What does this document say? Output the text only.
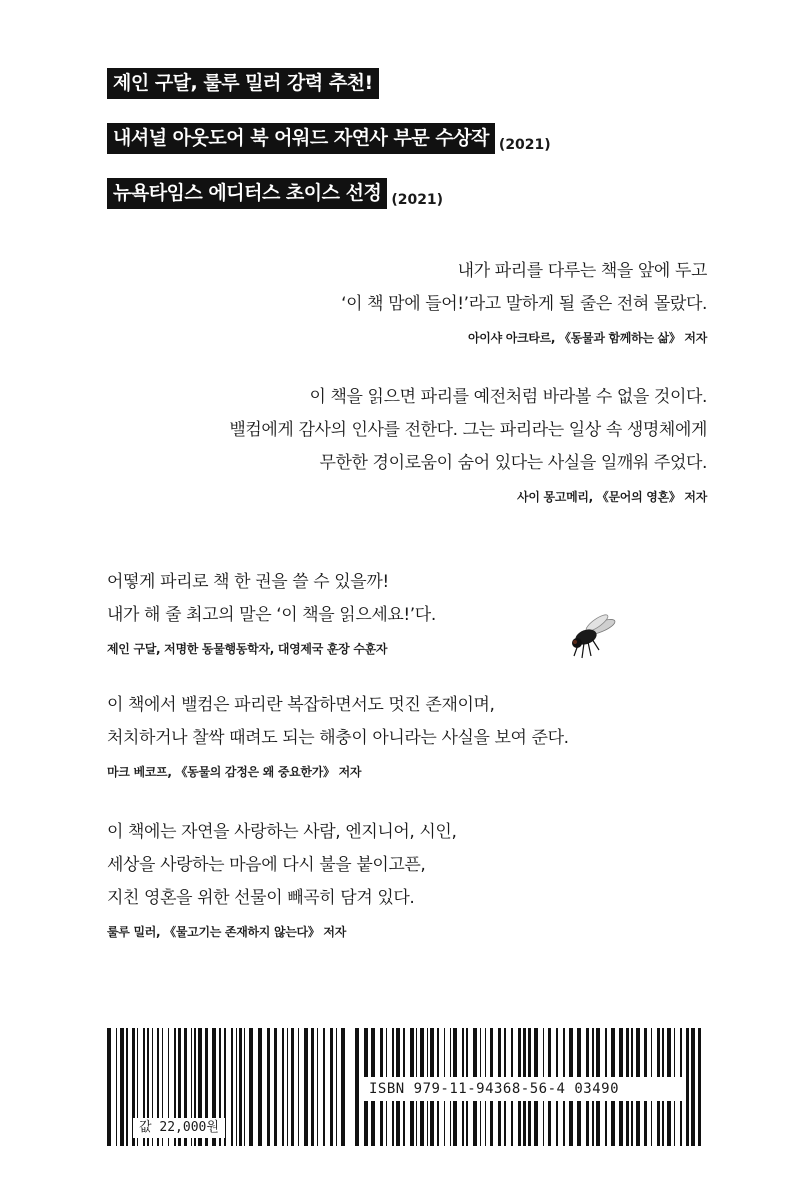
제인 구달, 룰루 밀러 강력 추천!
내셔널 아웃도어 북 어워드 자연사 부문 수상작 (2021)
뉴욕타임스 에디터스 초이스 선정 (2021)
내가 파리를 다루는 책을 앞에 두고
‘이 책 맘에 들어!’라고 말하게 될 줄은 전혀 몰랐다.
아이샤 아크타르, 《동물과 함께하는 삶》 저자
이 책을 읽으면 파리를 예전처럼 바라볼 수 없을 것이다.
밸컴에게 감사의 인사를 전한다. 그는 파리라는 일상 속 생명체에게
무한한 경이로움이 숨어 있다는 사실을 일깨워 주었다.
사이 몽고메리, 《문어의 영혼》 저자
어떻게 파리로 책 한 권을 쓸 수 있을까!
내가 해 줄 최고의 말은 ‘이 책을 읽으세요!’다.
제인 구달, 저명한 동물행동학자, 대영제국 훈장 수훈자
이 책에서 밸컴은 파리란 복잡하면서도 멋진 존재이며,
처치하거나 찰싹 때려도 되는 해충이 아니라는 사실을 보여 준다.
마크 베코프, 《동물의 감정은 왜 중요한가》 저자
이 책에는 자연을 사랑하는 사람, 엔지니어, 시인,
세상을 사랑하는 마음에 다시 불을 붙이고픈,
지친 영혼을 위한 선물이 빼곡히 담겨 있다.
룰루 밀러, 《물고기는 존재하지 않는다》 저자
ISBN 979-11-94368-56-4 03490
값 22,000원
